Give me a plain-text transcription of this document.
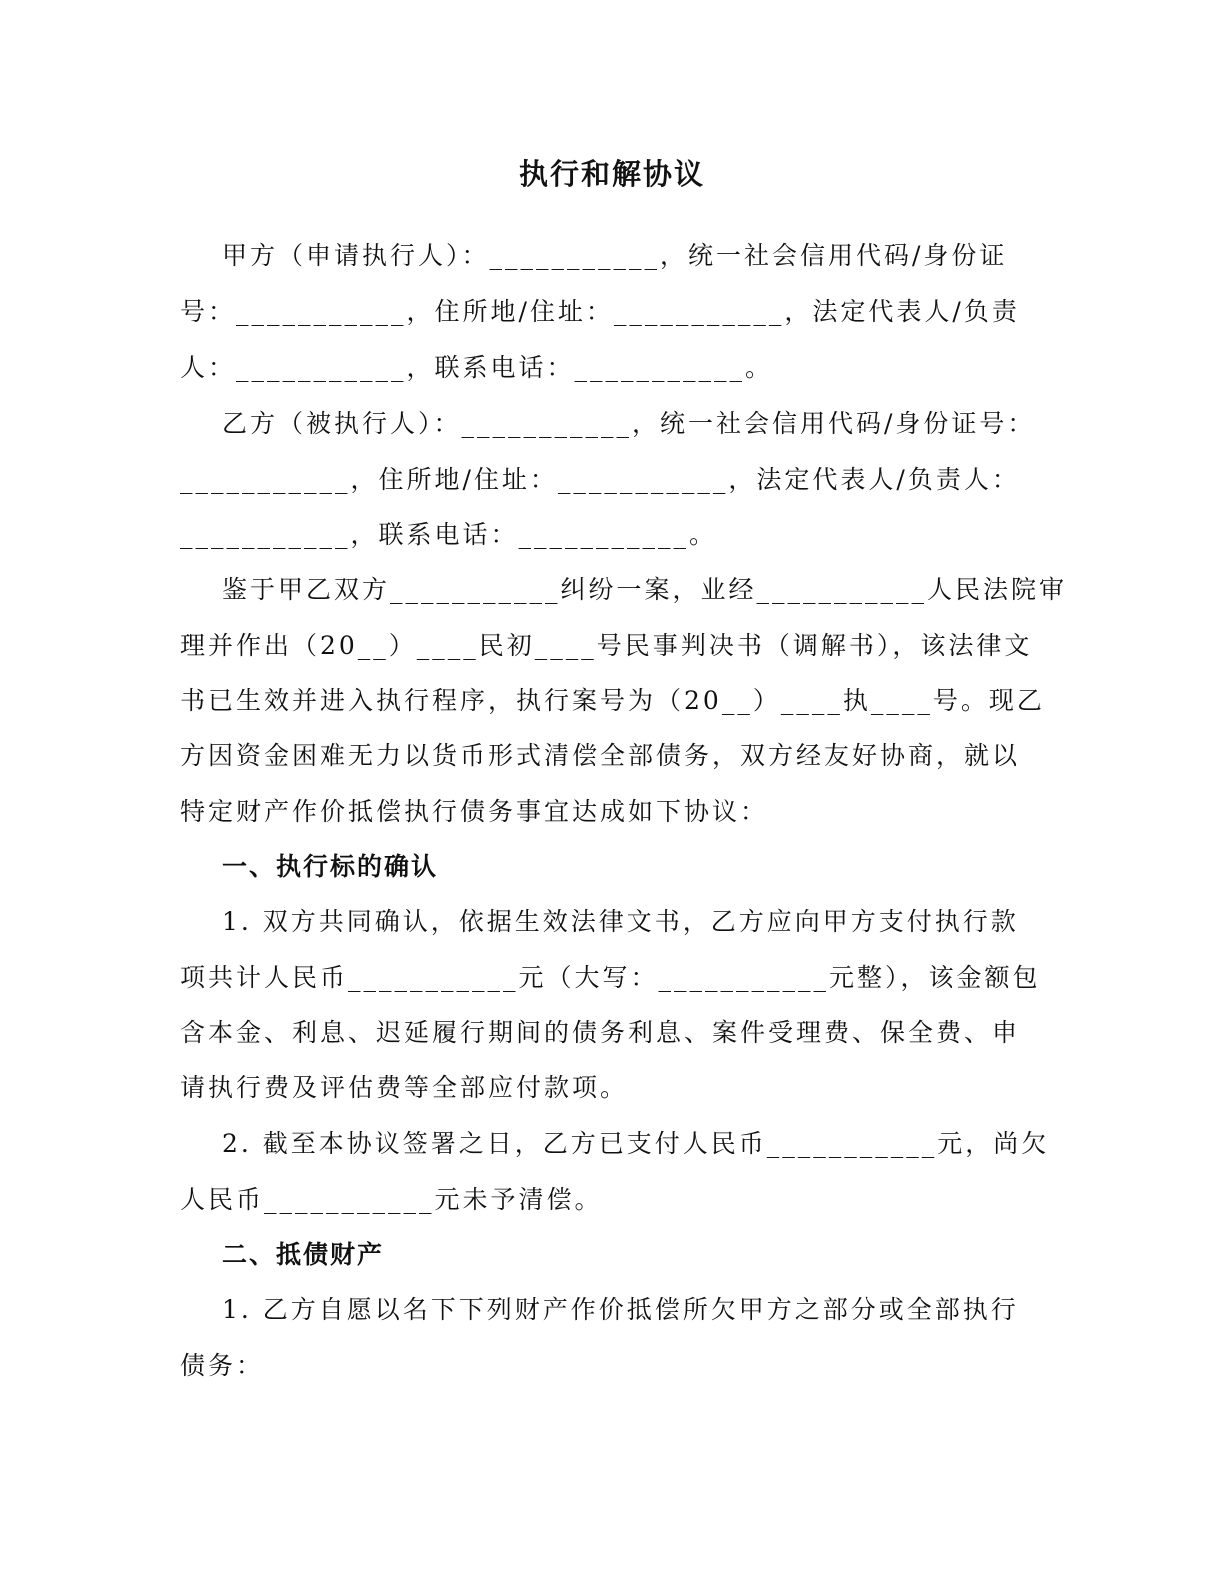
执行和解协议
甲方（申请执行人）：___________，统一社会信用代码/身份证
号：___________，住所地/住址：___________，法定代表人/负责
人：___________，联系电话：___________。
乙方（被执行人）：___________，统一社会信用代码/身份证号：
___________，住所地/住址：___________，法定代表人/负责人：
___________，联系电话：___________。
鉴于甲乙双方___________纠纷一案，业经___________人民法院审
理并作出（20__）____民初____号民事判决书（调解书），该法律文
书已生效并进入执行程序，执行案号为（20__）____执____号。现乙
方因资金困难无力以货币形式清偿全部债务，双方经友好协商，就以
特定财产作价抵偿执行债务事宜达成如下协议：
一、执行标的确认
1. 双方共同确认，依据生效法律文书，乙方应向甲方支付执行款
项共计人民币___________元（大写：___________元整），该金额包
含本金、利息、迟延履行期间的债务利息、案件受理费、保全费、申
请执行费及评估费等全部应付款项。
2. 截至本协议签署之日，乙方已支付人民币___________元，尚欠
人民币___________元未予清偿。
二、抵债财产
1. 乙方自愿以名下下列财产作价抵偿所欠甲方之部分或全部执行
债务：
